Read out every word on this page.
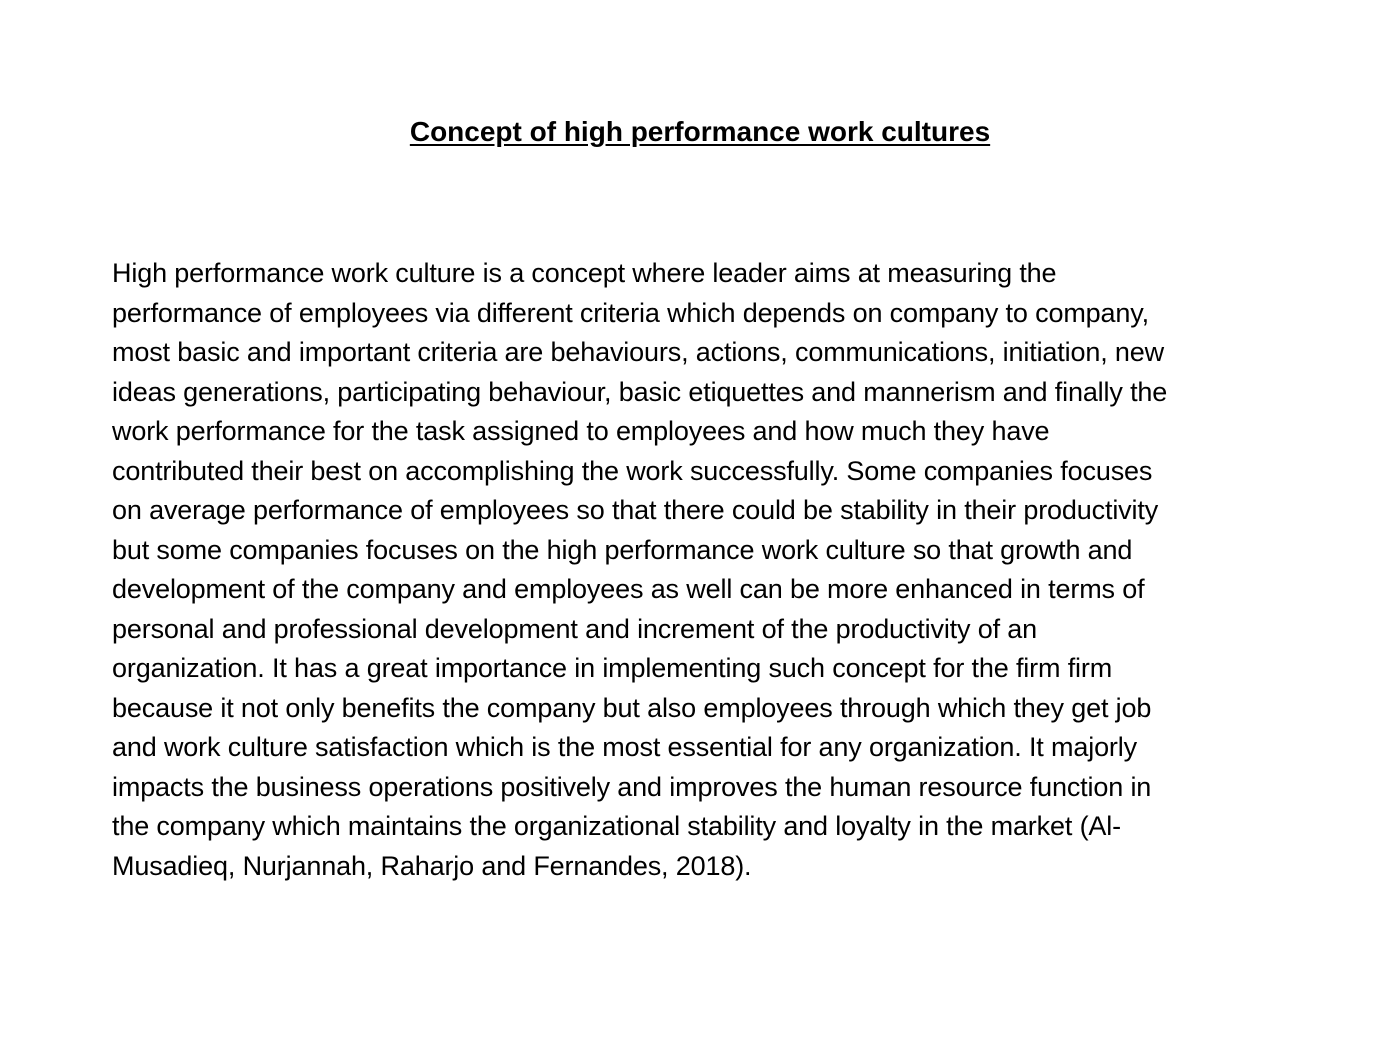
Concept of high performance work cultures

High performance work culture is a concept where leader aims at measuring the
performance of employees via different criteria which depends on company to company,
most basic and important criteria are behaviours, actions, communications, initiation, new
ideas generations, participating behaviour, basic etiquettes and mannerism and finally the
work performance for the task assigned to employees and how much they have
contributed their best on accomplishing the work successfully. Some companies focuses
on average performance of employees so that there could be stability in their productivity
but some companies focuses on the high performance work culture so that growth and
development of the company and employees as well can be more enhanced in terms of
personal and professional development and increment of the productivity of an
organization. It has a great importance in implementing such concept for the firm firm
because it not only benefits the company but also employees through which they get job
and work culture satisfaction which is the most essential for any organization. It majorly
impacts the business operations positively and improves the human resource function in
the company which maintains the organizational stability and loyalty in the market (Al-
Musadieq, Nurjannah, Raharjo and Fernandes, 2018).
